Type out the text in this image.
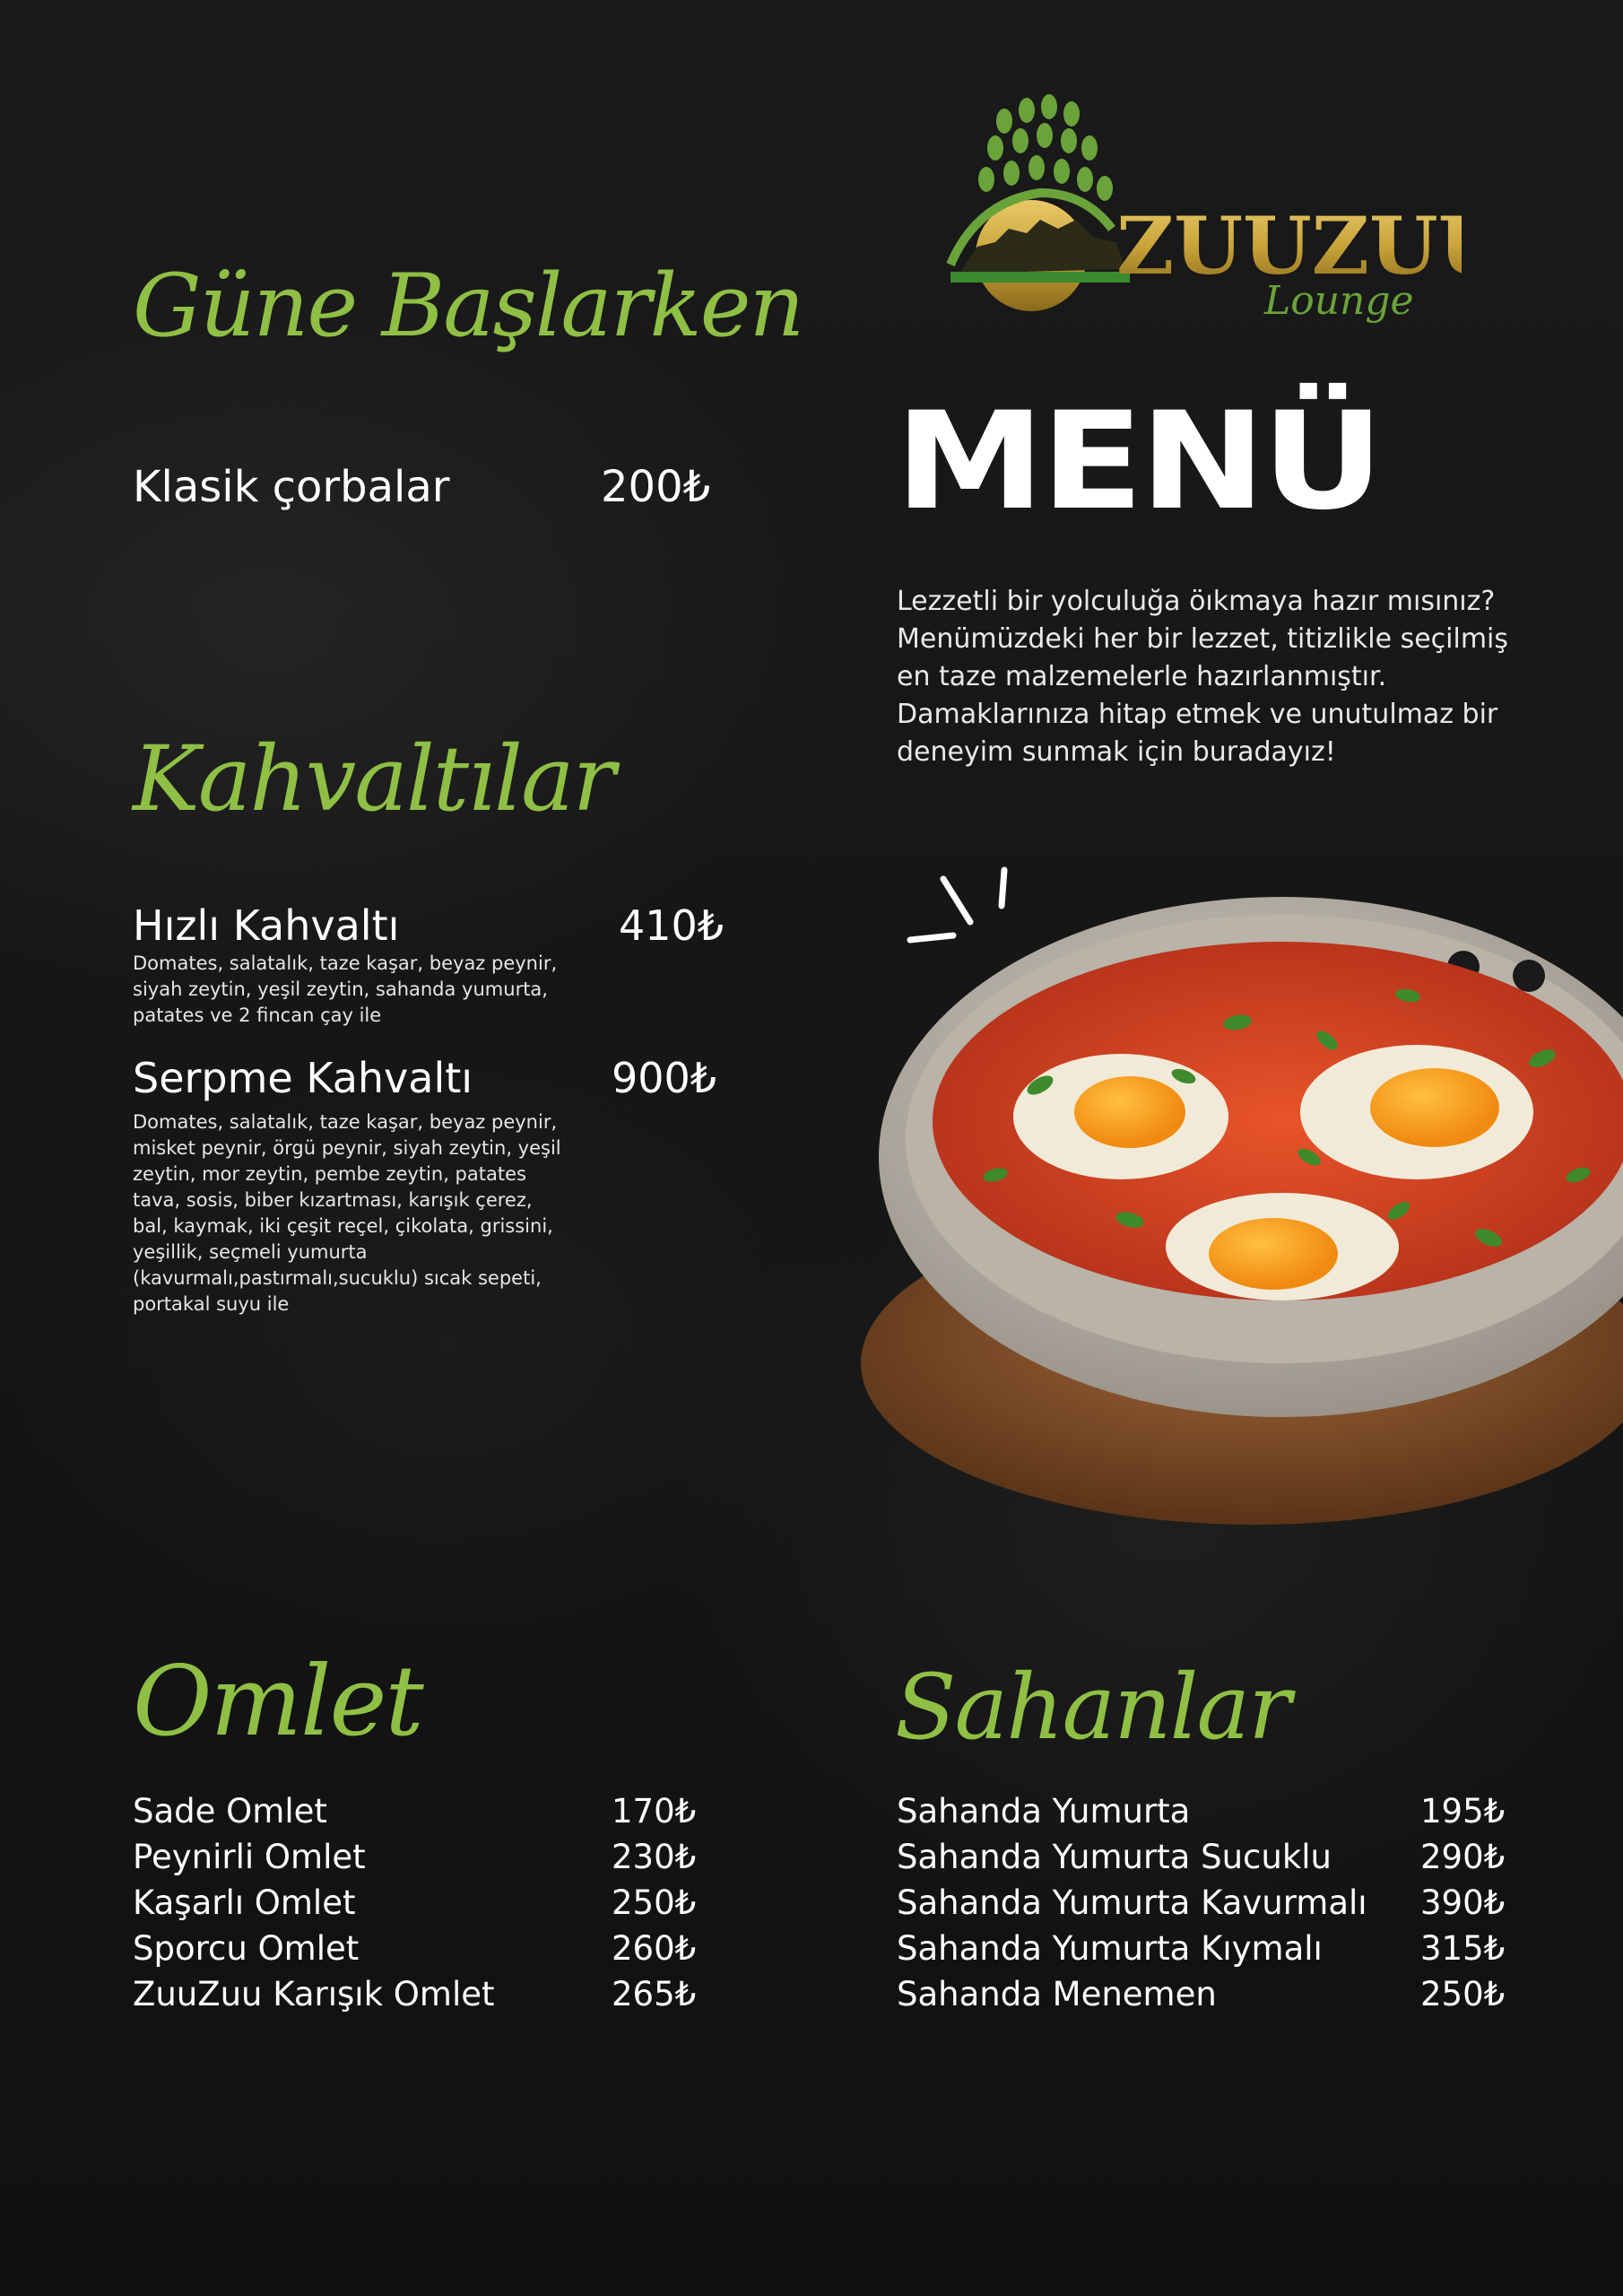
ZUUZU
Lounge
Güne Başlarken
Klasik çorbalar	200₺ MENÜ
Lezzetli bir yolculuğa öıkmaya hazır mısınız? Menümüzdeki her bir lezzet, titizlikle seçilmiş en taze malzemelerle hazırlanmıştır. Damaklarınıza hitap etmek ve unutulmaz bir deneyim sunmak için buradayız!
Kahvaltılar
Hızlı Kahvaltı	410₺
Domates, salatalık, taze kaşar, beyaz peynir, siyah zeytin, yeşil zeytin, sahanda yumurta, patates ve 2 fincan çay ile
Serpme Kahvaltı	900₺
Domates, salatalık, taze kaşar, beyaz peynir, misket peynir, örgü peynir, siyah zeytin, yeşil zeytin, mor zeytin, pembe zeytin, patates tava, sosis, biber kızartması, karışık çerez, bal, kaymak, iki çeşit reçel, çikolata, grissini, yeşillik, seçmeli yumurta (kavurmalı,pastırmalı,sucuklu) sıcak sepeti, portakal suyu ile
Omlet
Sade Omlet	170₺
Peynirli Omlet	230₺
Kaşarlı Omlet	250₺
Sporcu Omlet	260₺
ZuuZuu Karışık Omlet	265₺
Sahanlar
Sahanda Yumurta	195₺
Sahanda Yumurta Sucuklu	290₺
Sahanda Yumurta Kavurmalı 390₺
Sahanda Yumurta Kıymalı	315₺
Sahanda Menemen	250₺
